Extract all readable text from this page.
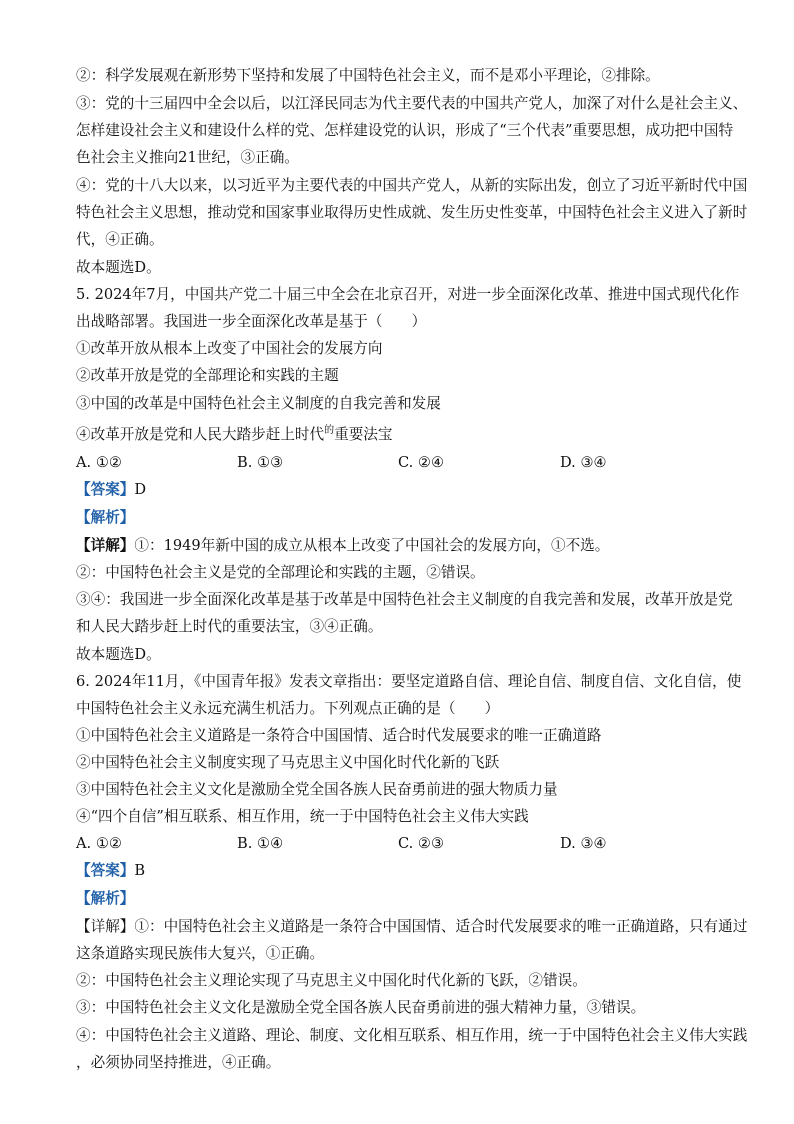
②：科学发展观在新形势下坚持和发展了中国特色社会主义，而不是邓小平理论，②排除。
③：党的十三届四中全会以后，以江泽民同志为代主要代表的中国共产党人，加深了对什么是社会主义、
怎样建设社会主义和建设什么样的党、怎样建设党的认识，形成了“三个代表”重要思想，成功把中国特
色社会主义推向21世纪，③正确。
④：党的十八大以来，以习近平为主要代表的中国共产党人，从新的实际出发，创立了习近平新时代中国
特色社会主义思想，推动党和国家事业取得历史性成就、发生历史性变革，中国特色社会主义进入了新时
代，④正确。
故本题选D。
5. 2024年7月，中国共产党二十届三中全会在北京召开，对进一步全面深化改革、推进中国式现代化作
出战略部署。我国进一步全面深化改革是基于（　　）
①改革开放从根本上改变了中国社会的发展方向
②改革开放是党的全部理论和实践的主题
③中国的改革是中国特色社会主义制度的自我完善和发展
④改革开放是党和人民大踏步赶上时代$^的$重要法宝
A. ①②	B. ①③	C. ②④	D. ③④
【答案】D
【解析】
【详解】①：1949年新中国的成立从根本上改变了中国社会的发展方向，①不选。
②：中国特色社会主义是党的全部理论和实践的主题，②错误。
③④：我国进一步全面深化改革是基于改革是中国特色社会主义制度的自我完善和发展，改革开放是党
和人民大踏步赶上时代的重要法宝，③④正确。
故本题选D。
6. 2024年11月，《中国青年报》发表文章指出：要坚定道路自信、理论自信、制度自信、文化自信，使
中国特色社会主义永远充满生机活力。下列观点正确的是（　　）
①中国特色社会主义道路是一条符合中国国情、适合时代发展要求的唯一正确道路
②中国特色社会主义制度实现了马克思主义中国化时代化新的飞跃
③中国特色社会主义文化是激励全党全国各族人民奋勇前进的强大物质力量
④“四个自信”相互联系、相互作用，统一于中国特色社会主义伟大实践
A. ①②	B. ①④	C. ②③	D. ③④
【答案】B
【解析】
【详解】①：中国特色社会主义道路是一条符合中国国情、适合时代发展要求的唯一正确道路，只有通过
这条道路实现民族伟大复兴，①正确。
②：中国特色社会主义理论实现了马克思主义中国化时代化新的飞跃，②错误。
③：中国特色社会主义文化是激励全党全国各族人民奋勇前进的强大精神力量，③错误。
④：中国特色社会主义道路、理论、制度、文化相互联系、相互作用，统一于中国特色社会主义伟大实践
，必须协同坚持推进，④正确。
